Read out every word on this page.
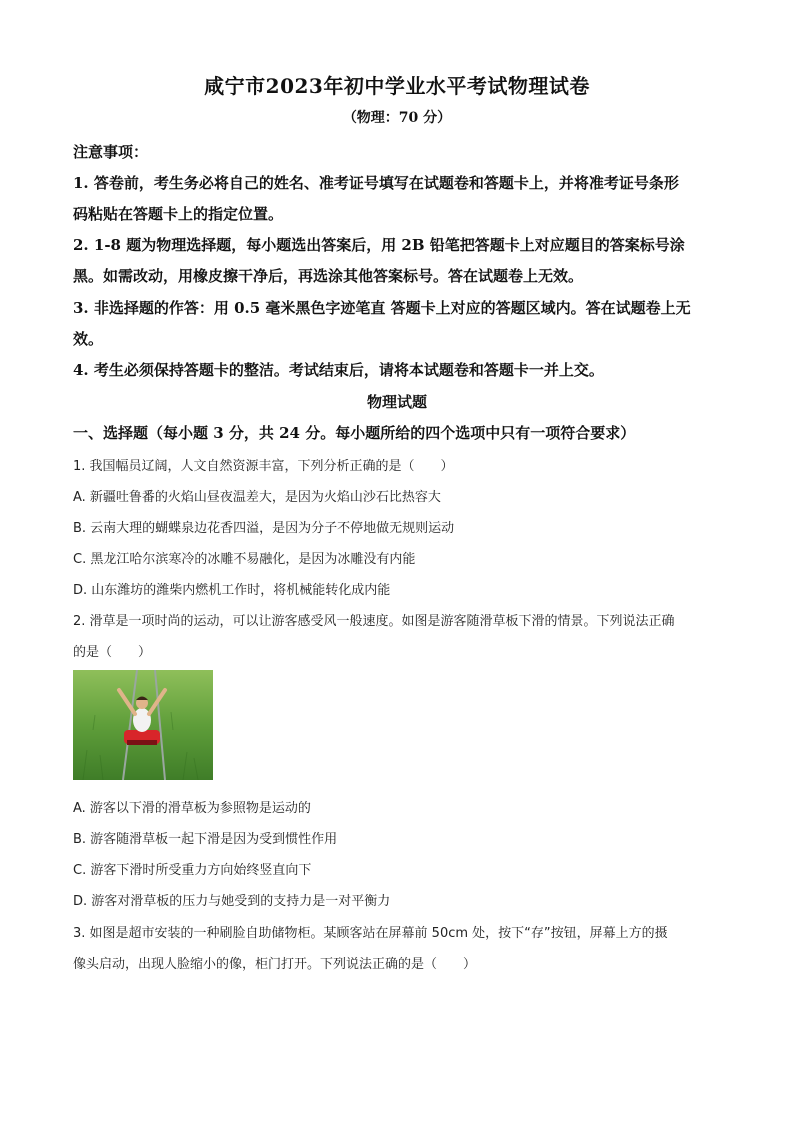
咸宁市2023年初中学业水平考试物理试卷
（物理：70 分）
注意事项：
1. 答卷前，考生务必将自己的姓名、准考证号填写在试题卷和答题卡上，并将准考证号条形
码粘贴在答题卡上的指定位置。
2. 1-8 题为物理选择题，每小题选出答案后，用 2B 铅笔把答题卡上对应题目的答案标号涂
黑。如需改动，用橡皮擦干净后，再选涂其他答案标号。答在试题卷上无效。
3. 非选择题的作答：用 0.5 毫米黑色字迹笔直 答题卡上对应的答题区域内。答在试题卷上无
效。
4. 考生必须保持答题卡的整洁。考试结束后，请将本试题卷和答题卡一并上交。
物理试题
一、选择题（每小题 3 分，共 24 分。每小题所给的四个选项中只有一项符合要求）
1. 我国幅员辽阔，人文自然资源丰富，下列分析正确的是（　　）
A. 新疆吐鲁番的火焰山昼夜温差大，是因为火焰山沙石比热容大
B. 云南大理的蝴蝶泉边花香四溢，是因为分子不停地做无规则运动
C. 黑龙江哈尔滨寒冷的冰雕不易融化，是因为冰雕没有内能
D. 山东潍坊的潍柴内燃机工作时，将机械能转化成内能
2. 滑草是一项时尚的运动，可以让游客感受风一般速度。如图是游客随滑草板下滑的情景。下列说法正确
的是（　　）
A. 游客以下滑的滑草板为参照物是运动的
B. 游客随滑草板一起下滑是因为受到惯性作用
C. 游客下滑时所受重力方向始终竖直向下
D. 游客对滑草板的压力与她受到的支持力是一对平衡力
3. 如图是超市安装的一种刷脸自助储物柜。某顾客站在屏幕前 50cm 处，按下“存”按钮，屏幕上方的摄
像头启动，出现人脸缩小的像，柜门打开。下列说法正确的是（　　）
